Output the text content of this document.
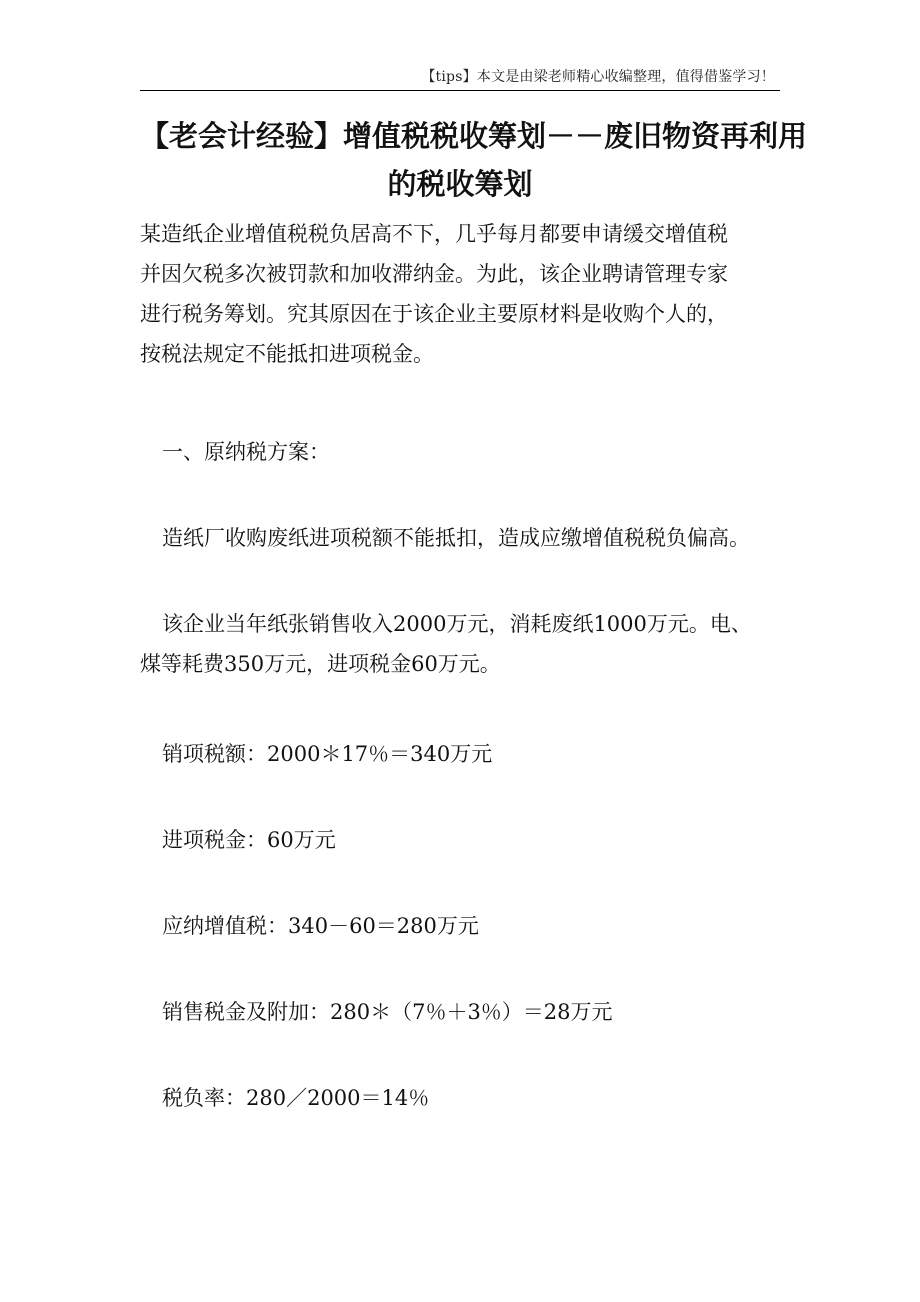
【tips】本文是由梁老师精心收编整理，值得借鉴学习！
【老会计经验】增值税税收筹划－－废旧物资再利用
的税收筹划
某造纸企业增值税税负居高不下，几乎每月都要申请缓交增值税
并因欠税多次被罚款和加收滞纳金。为此，该企业聘请管理专家
进行税务筹划。究其原因在于该企业主要原材料是收购个人的，
按税法规定不能抵扣进项税金。
一、原纳税方案：
造纸厂收购废纸进项税额不能抵扣，造成应缴增值税税负偏高。
该企业当年纸张销售收入2000万元，消耗废纸1000万元。电、
煤等耗费350万元，进项税金60万元。
销项税额：2000＊17％＝340万元
进项税金：60万元
应纳增值税：340－60＝280万元
销售税金及附加：280＊（7％＋3％）＝28万元
税负率：280／2000＝14％
